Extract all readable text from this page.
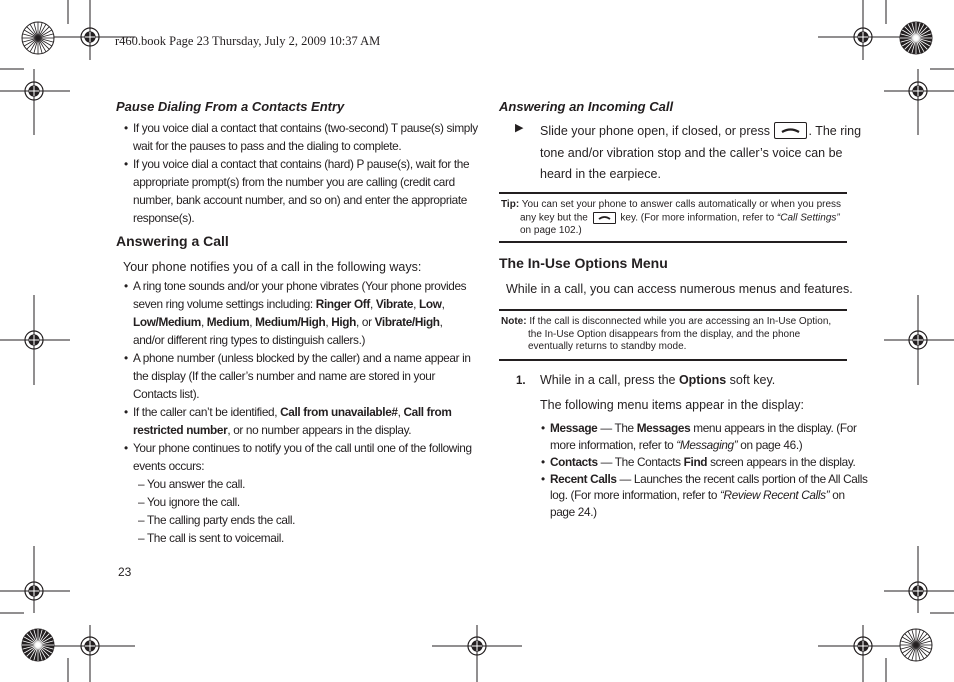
r460.book Page 23 Thursday, July 2, 2009 10:37 AM
Pause Dialing From a Contacts Entry
• If you voice dial a contact that contains (two-second) T pause(s) simply
wait for the pauses to pass and the dialing to complete.
• If you voice dial a contact that contains (hard) P pause(s), wait for the
appropriate prompt(s) from the number you are calling (credit card
number, bank account number, and so on) and enter the appropriate
response(s).
Answering a Call
Your phone notifies you of a call in the following ways:
• A ring tone sounds and/or your phone vibrates (Your phone provides
seven ring volume settings including: Ringer Off, Vibrate, Low,
Low/Medium, Medium, Medium/High, High, or Vibrate/High,
and/or different ring types to distinguish callers.)
• A phone number (unless blocked by the caller) and a name appear in
the display (If the caller’s number and name are stored in your
Contacts list).
• If the caller can’t be identified, Call from unavailable#, Call from
restricted number, or no number appears in the display.
• Your phone continues to notify you of the call until one of the following
events occurs:
– You answer the call.
– You ignore the call.
– The calling party ends the call.
– The call is sent to voicemail.
23
Answering an Incoming Call
▶ Slide your phone open, if closed, or press	. The ring
tone and/or vibration stop and the caller’s voice can be
heard in the earpiece.
Tip: You can set your phone to answer calls automatically or when you press
any key but the	key. (For more information, refer to “Call Settings”
on page 102.)
The In-Use Options Menu
While in a call, you can access numerous menus and features.
Note: If the call is disconnected while you are accessing an In-Use Option,
the In-Use Option disappears from the display, and the phone
eventually returns to standby mode.
1. While in a call, press the Options soft key.
The following menu items appear in the display:
• Message — The Messages menu appears in the display. (For
more information, refer to “Messaging” on page 46.)
• Contacts — The Contacts Find screen appears in the display.
• Recent Calls — Launches the recent calls portion of the All Calls
log. (For more information, refer to “Review Recent Calls” on
page 24.)
